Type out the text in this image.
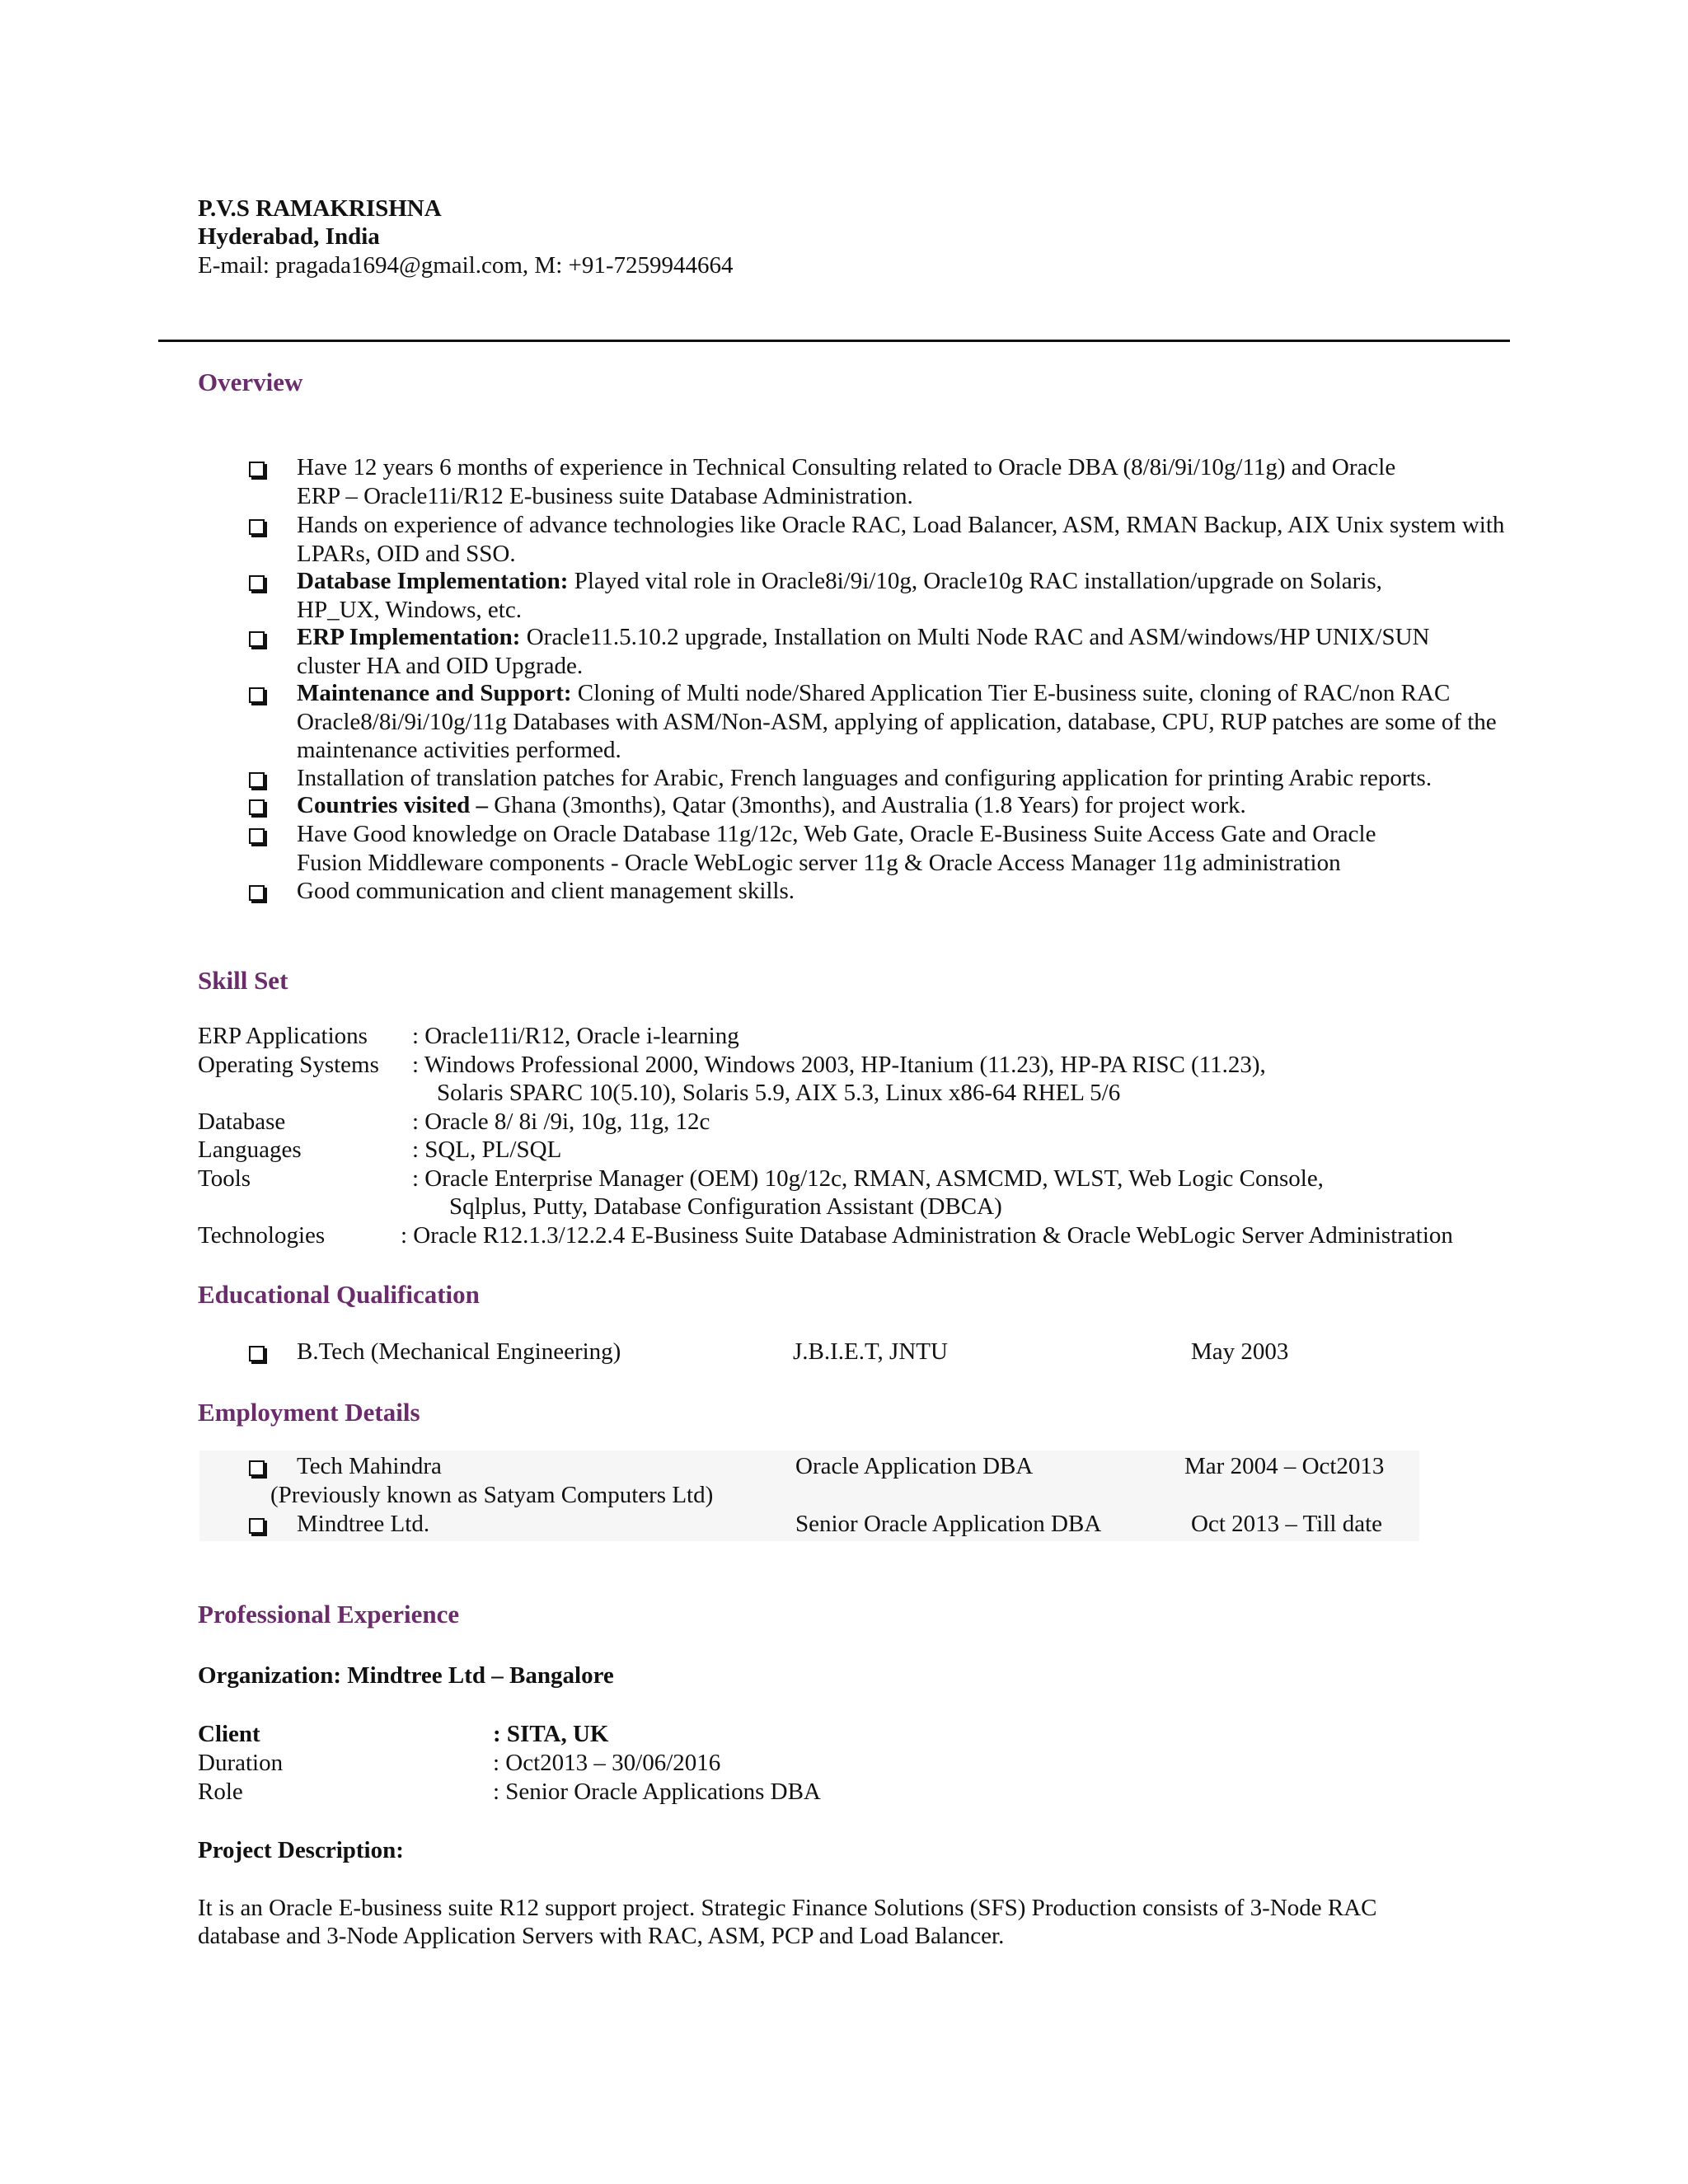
P.V.S RAMAKRISHNA
Hyderabad, India
E-mail: pragada1694@gmail.com, M: +91-7259944664
Overview
Have 12 years 6 months of experience in Technical Consulting related to Oracle DBA (8/8i/9i/10g/11g) and Oracle
ERP – Oracle11i/R12 E-business suite Database Administration.
Hands on experience of advance technologies like Oracle RAC, Load Balancer, ASM, RMAN Backup, AIX Unix system with
LPARs, OID and SSO.
Database Implementation: Played vital role in Oracle8i/9i/10g, Oracle10g RAC installation/upgrade on Solaris,
HP_UX, Windows, etc.
ERP Implementation: Oracle11.5.10.2 upgrade, Installation on Multi Node RAC and ASM/windows/HP UNIX/SUN
cluster HA and OID Upgrade.
Maintenance and Support: Cloning of Multi node/Shared Application Tier E-business suite, cloning of RAC/non RAC
Oracle8/8i/9i/10g/11g Databases with ASM/Non-ASM, applying of application, database, CPU, RUP patches are some of the
maintenance activities performed.
Installation of translation patches for Arabic, French languages and configuring application for printing Arabic reports.
Countries visited – Ghana (3months), Qatar (3months), and Australia (1.8 Years) for project work.
Have Good knowledge on Oracle Database 11g/12c, Web Gate, Oracle E-Business Suite Access Gate and Oracle
Fusion Middleware components - Oracle WebLogic server 11g & Oracle Access Manager 11g administration
Good communication and client management skills.
Skill Set
ERP Applications : Oracle11i/R12, Oracle i-learning
Operating Systems : Windows Professional 2000, Windows 2003, HP-Itanium (11.23), HP-PA RISC (11.23),
Solaris SPARC 10(5.10), Solaris 5.9, AIX 5.3, Linux x86-64 RHEL 5/6
Database	: Oracle 8/ 8i /9i, 10g, 11g, 12c
Languages	: SQL, PL/SQL
Tools	: Oracle Enterprise Manager (OEM) 10g/12c, RMAN, ASMCMD, WLST, Web Logic Console,
Sqlplus, Putty, Database Configuration Assistant (DBCA)
Technologies	: Oracle R12.1.3/12.2.4 E-Business Suite Database Administration & Oracle WebLogic Server Administration
Educational Qualification
B.Tech (Mechanical Engineering)	J.B.I.E.T, JNTU	May 2003
Employment Details
Tech Mahindra	Oracle Application DBA	Mar 2004 – Oct2013
(Previously known as Satyam Computers Ltd)
Mindtree Ltd.	Senior Oracle Application DBA	Oct 2013 – Till date
Professional Experience
Organization: Mindtree Ltd – Bangalore
Client	: SITA, UK
Duration	: Oct2013 – 30/06/2016
Role	: Senior Oracle Applications DBA
Project Description:
It is an Oracle E-business suite R12 support project. Strategic Finance Solutions (SFS) Production consists of 3-Node RAC
database and 3-Node Application Servers with RAC, ASM, PCP and Load Balancer.
